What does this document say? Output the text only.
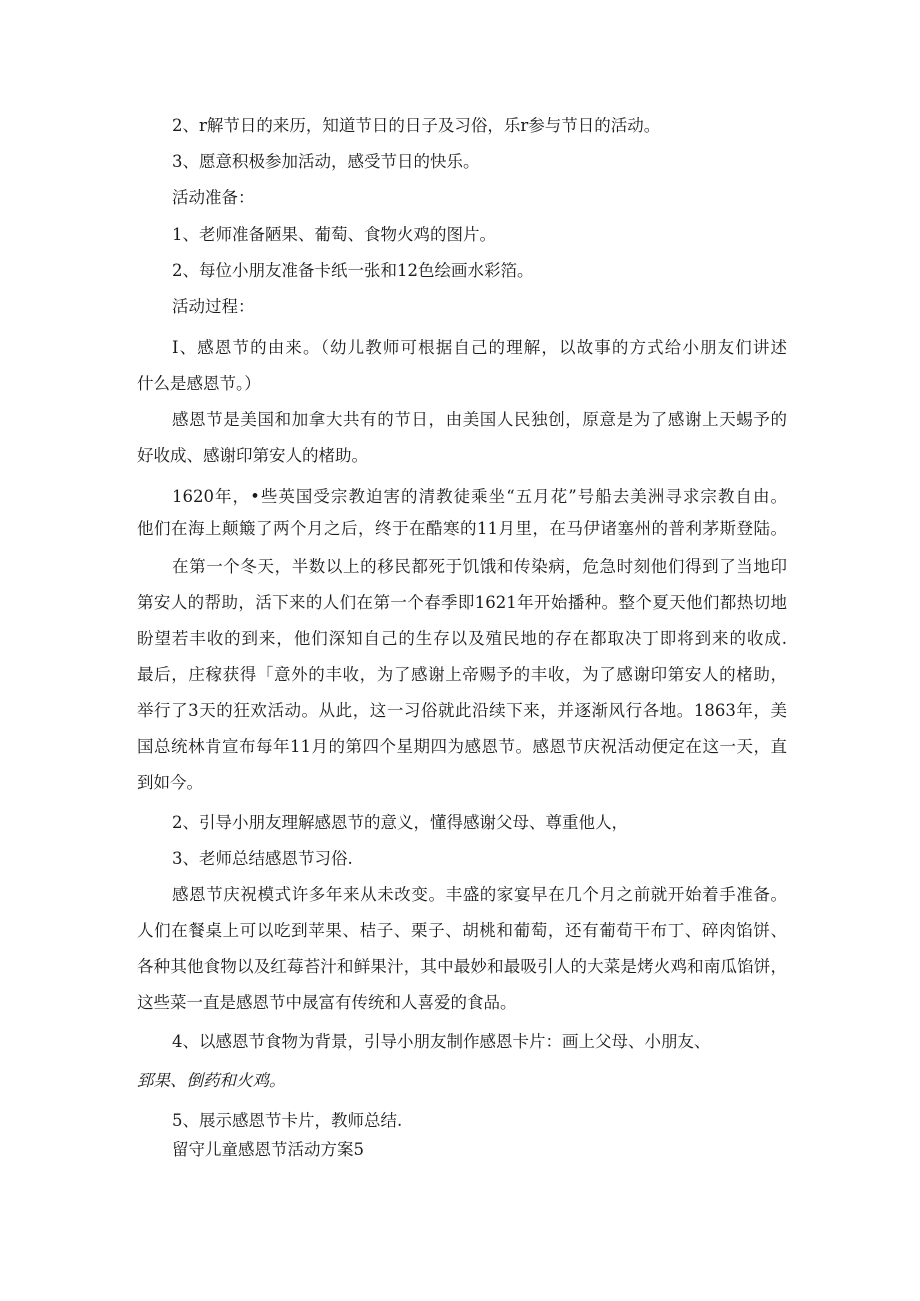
2、r解节日的来历，知道节日的日子及习俗，乐r参与节日的活动。
3、愿意积极参加活动，感受节日的快乐。
活动准备：
1、老师准备陋果、葡萄、食物火鸡的图片。
2、每位小朋友准备卡纸一张和12色绘画水彩箔。
活动过程：
I、感恩节的由来。（幼儿教师可根据自己的理解，以故事的方式给小朋友们讲述
什么是感恩节。）
感恩节是美国和加拿大共有的节日，由美国人民独创，原意是为了感谢上天蜴予的
好收成、感谢印第安人的楮助。
1620年，•些英国受宗教迫害的清教徒乘坐“五月花”号船去美洲寻求宗教自由。
他们在海上颠簸了两个月之后，终于在酷寒的11月里，在马伊诸塞州的普利茅斯登陆。
在第一个冬天，半数以上的移民都死于饥饿和传染病，危急时刻他们得到了当地印
第安人的帮助，活下来的人们在第一个春季即1621年开始播种。整个夏天他们都热切地
盼望若丰收的到来，他们深知自己的生存以及殖民地的存在都取决丁即将到来的收成.
最后，庄稼获得「意外的丰收，为了感谢上帝赐予的丰收，为了感谢印第安人的楮助，
举行了3天的狂欢活动。从此，这一习俗就此沿续下来，并逐渐风行各地。1863年，美
国总统林肯宣布每年11月的第四个星期四为感恩节。感恩节庆祝活动便定在这一天，直
到如今。
2、引导小朋友理解感恩节的意义，懂得感谢父母、尊重他人，
3、老师总结感恩节习俗.
感恩节庆祝模式许多年来从未改变。丰盛的家宴早在几个月之前就开始着手准备。
人们在餐桌上可以吃到苹果、桔子、栗子、胡桃和葡萄，还有葡荀干布丁、碎肉馅饼、
各种其他食物以及红莓苔汁和鲜果汁，其中最妙和最吸引人的大菜是烤火鸡和南瓜馅饼，
这些菜一直是感恩节中晟富有传统和人喜爱的食品。
4、以感恩节食物为背景，引导小朋友制作感恩卡片：画上父母、小朋友、
郅果、倒药和火鸡。
5、展示感恩节卡片，教师总结.
留守儿童感恩节活动方案5
